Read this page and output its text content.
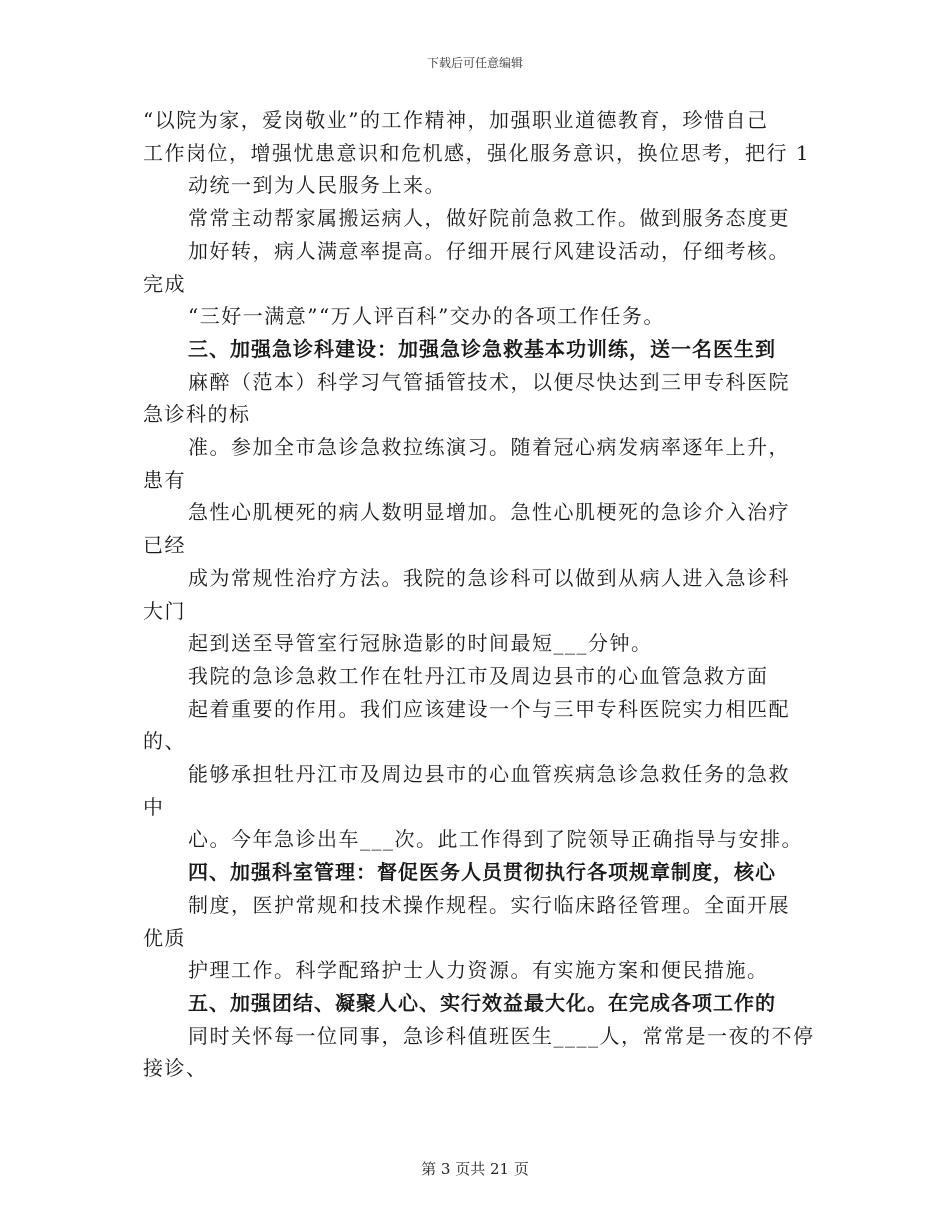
下载后可任意编辑
“以院为家，爱岗敬业”的工作精神，加强职业道德教育，珍惜自己
工作岗位，增强忧患意识和危机感，强化服务意识，换位思考，把行 1
动统一到为人民服务上来。
常常主动帮家属搬运病人，做好院前急救工作。做到服务态度更
加好转，病人满意率提高。仔细开展行风建设活动，仔细考核。
完成
“三好一满意”“万人评百科”交办的各项工作任务。
三、加强急诊科建设：加强急诊急救基本功训练，送一名医生到
麻醉（范本）科学习气管插管技术，以便尽快达到三甲专科医院
急诊科的标
准。参加全市急诊急救拉练演习。随着冠心病发病率逐年上升，
患有
急性心肌梗死的病人数明显增加。急性心肌梗死的急诊介入治疗
已经
成为常规性治疗方法。我院的急诊科可以做到从病人进入急诊科
大门
起到送至导管室行冠脉造影的时间最短___分钟。
我院的急诊急救工作在牡丹江市及周边县市的心血管急救方面
起着重要的作用。我们应该建设一个与三甲专科医院实力相匹配
的、
能够承担牡丹江市及周边县市的心血管疾病急诊急救任务的急救
中
心。今年急诊出车___次。此工作得到了院领导正确指导与安排。
四、加强科室管理：督促医务人员贯彻执行各项规章制度，核心
制度，医护常规和技术操作规程。实行临床路径管理。全面开展
优质
护理工作。科学配臵护士人力资源。有实施方案和便民措施。
五、加强团结、凝聚人心、实行效益最大化。在完成各项工作的
同时关怀每一位同事，急诊科值班医生____人，常常是一夜的不停
接诊、
第 3 页共 21 页
